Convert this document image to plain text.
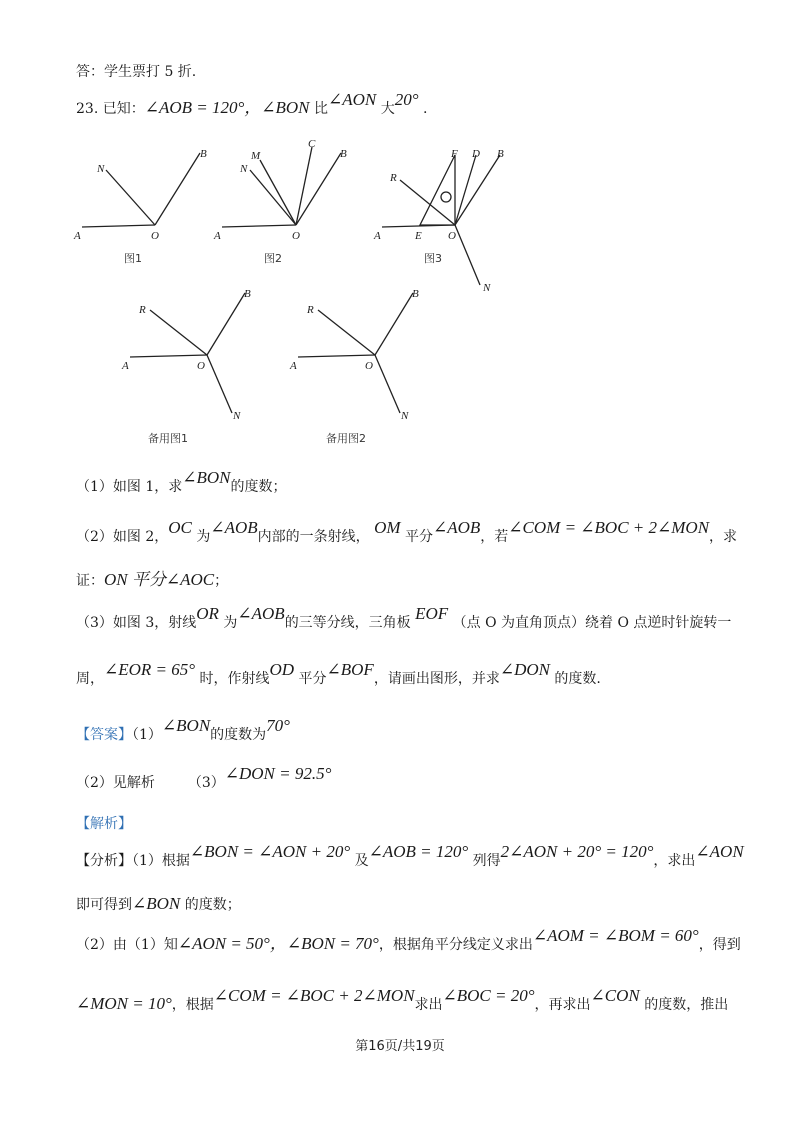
答：学生票打 5 折.
23. 已知：∠AOB = 120°，∠BON 比∠AON 大20° .
A	O
B
N
A	O
B
C
M
N
A	E O
F D B
R
N
A	O
B
R
N
A	O
B
R
N
图1	图2	图3
备用图1	备用图2
（1）如图 1，求∠BON的度数；
（2）如图 2，OC 为∠AOB内部的一条射线， OM 平分∠AOB，若∠COM = ∠BOC + 2∠MON，求
证：ON 平分∠AOC；
（3）如图 3，射线OR 为∠AOB的三等分线，三角板 EOF （点 O 为直角顶点）绕着 O 点逆时针旋转一
周，∠EOR = 65° 时，作射线OD 平分∠BOF，请画出图形，并求∠DON 的度数.
【答案】（1）∠BON的度数为70°
（2）见解析 （3）∠DON = 92.5°
【解析】
【分析】（1）根据∠BON = ∠AON + 20° 及∠AOB = 120° 列得2∠AON + 20° = 120°，求出∠AON
即可得到∠BON 的度数；
（2）由（1）知∠AON = 50°，∠BON = 70°，根据角平分线定义求出∠AOM = ∠BOM = 60°，得到
∠MON = 10°，根据∠COM = ∠BOC + 2∠MON求出∠BOC = 20°，再求出∠CON 的度数，推出
第16页/共19页
